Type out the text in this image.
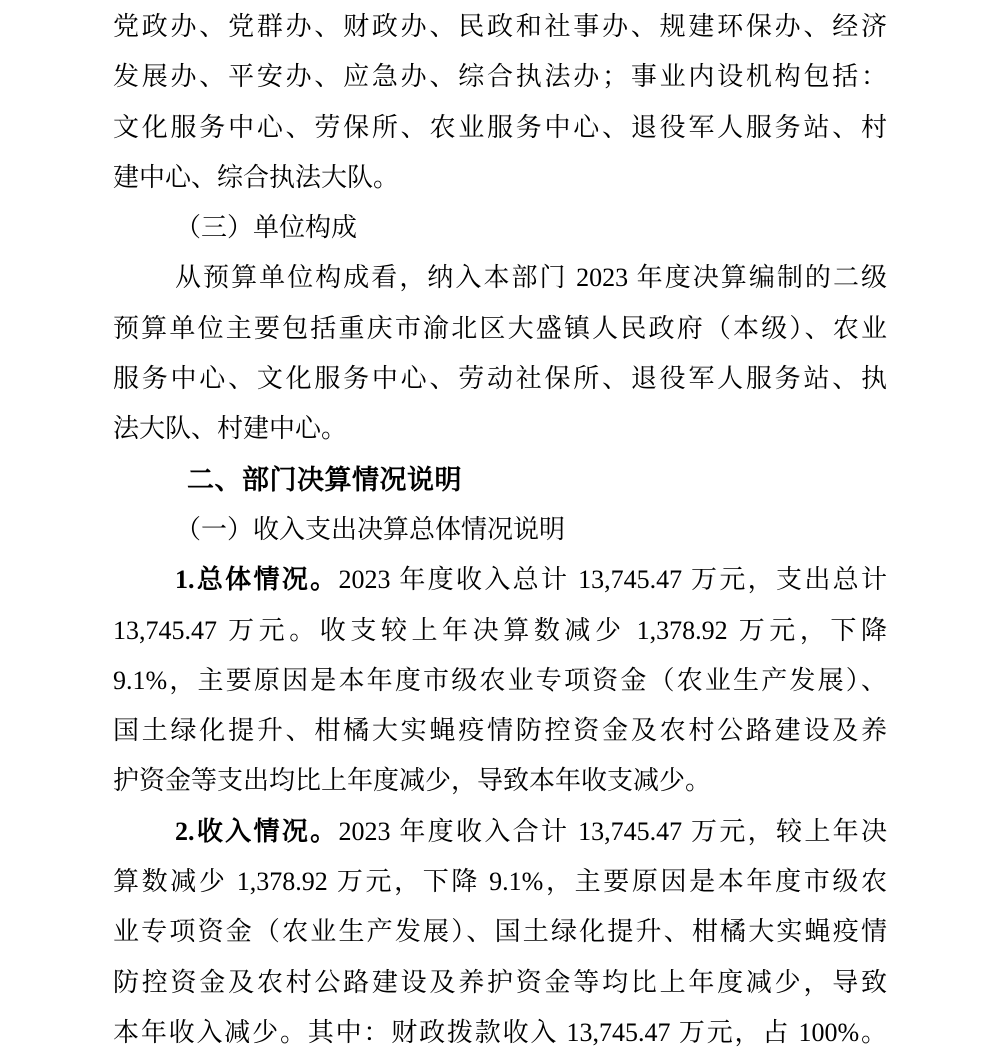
党政办、党群办、财政办、民政和社事办、规建环保办、经济
发展办、平安办、应急办、综合执法办；事业内设机构包括：
文化服务中心、劳保所、农业服务中心、退役军人服务站、村
建中心、综合执法大队。
（三）单位构成
从预算单位构成看，纳入本部门 2023 年度决算编制的二级
预算单位主要包括重庆市渝北区大盛镇人民政府（本级）、农业
服务中心、文化服务中心、劳动社保所、退役军人服务站、执
法大队、村建中心。
二、部门决算情况说明
（一）收入支出决算总体情况说明
1.总体情况。2023 年度收入总计 13,745.47 万元，支出总计
13,745.47 万元。收支较上年决算数减少 1,378.92 万元，下降
9.1%，主要原因是本年度市级农业专项资金（农业生产发展）、
国土绿化提升、柑橘大实蝇疫情防控资金及农村公路建设及养
护资金等支出均比上年度减少，导致本年收支减少。
2.收入情况。2023 年度收入合计 13,745.47 万元，较上年决
算数减少 1,378.92 万元，下降 9.1%，主要原因是本年度市级农
业专项资金（农业生产发展）、国土绿化提升、柑橘大实蝇疫情
防控资金及农村公路建设及养护资金等均比上年度减少，导致
本年收入减少。其中：财政拨款收入 13,745.47 万元，占 100%。
